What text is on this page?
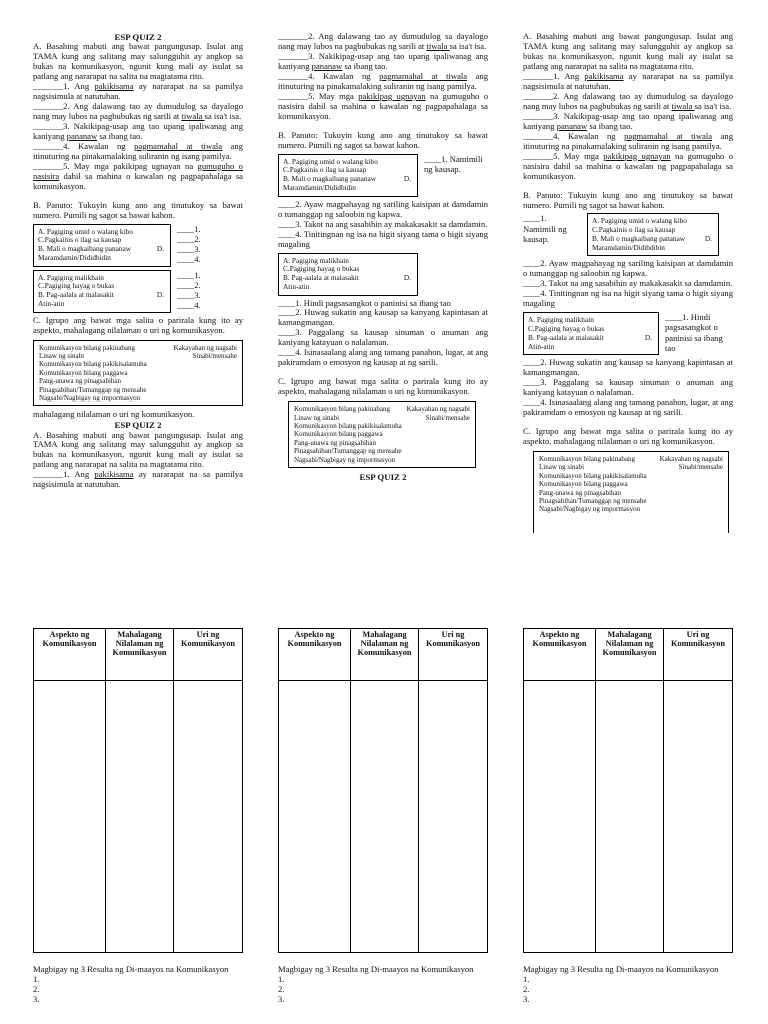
ESP QUIZ 2

A. Basahing mabuti ang bawat pangungusap. Isulat ang TAMA kung ang salitang may salungguhit ay angkop sa bukas na komunikasyon, ngunit kung mali ay isulat sa patlang ang nararapat na salita na magtatama rito.

_______1. Ang pakikisama ay nararapat na sa pamilya nagsisimula at natutuhan.

_______2. Ang dalawang tao ay dumudulog sa dayalogo nang may lubos na pagbubukas ng sarili at tiwala sa isa't isa.

_______3. Nakikipag-usap ang tao upang ipaliwanag ang kaniyang pananaw sa ibang tao.

_______4. Kawalan ng pagmamahal at tiwala ang itinuturing na pinakamalaking suliranin ng isang pamilya.

_______5. May mga pakikipag ugnayan na gumuguho o nasisira dahil sa mahina o kawalan ng pagpapahalaga sa komunikasyon.

B. Panuto: Tukuyin kung ano ang tinutukoy sa bawat numero. Pumili ng sagot sa bawat kahon.

A. Pagiging umid o walang kibo
C.Pagkainis o ilag sa kausap
B. Mali o magkaibang pananaw	D.
Maramdamin/Dididbidin
____1.
____2.
____3.
____4.
A. Pagiging malikhain
C.Pagiging hayag o bukas
B. Pag-aalala at malasakit	D.
Atin-atin
____1.
____2.
____3.
____4.

C. Igrupo ang bawat mga salita o parirala kung ito ay aspekto, mahalagang nilalaman o uri ng komunikasyon.

Komunikasyon bilang pakinabang	Kakayahan ng nagsabi
Linaw ng sinabi	Sinabi/mensahe
Komunikasyon bilang pakikisalamuha
Komunikasyon bilang paggawa
Pang-unawa ng pinagsabihan
Pinagsabihan/Tumanggap ng mensahe
Nagsabi/Nagbigay ng impormasyon

mahalagang nilalaman o uri ng komunikasyon.

ESP QUIZ 2

A. Basahing mabuti ang bawat pangungusap. Isulat ang TAMA kung ang salitang may salungguhit ay angkop sa bukas na komunikasyon, ngunit kung mali ay isulat sa patlang ang nararapat na salita na magtatama rito.

_______1. Ang pakikisama ay nararapat na sa pamilya nagsisimula at natutuhan.

_______2. Ang dalawang tao ay dumudulog sa dayalogo nang may lubos na pagbubukas ng sarili at tiwala sa isa't isa.

_______3. Nakikipag-usap ang tao upang ipaliwanag ang kaniyang pananaw sa ibang tao.

_______4. Kawalan ng pagmamahal at tiwala ang itinuturing na pinakamalaking suliranin ng isang pamilya.

_______5. May mga pakikipag ugnayan na gumuguho o nasisira dahil sa mahina o kawalan ng pagpapahalaga sa komunikasyon.

B. Panuto: Tukuyin kung ano ang tinutukoy sa bawat numero. Pumili ng sagot sa bawat kahon.

A. Pagiging umid o walang kibo
C.Pagkainis o ilag sa kausap
B. Mali o magkaibang pananaw	D.
Maramdamin/Dididbidin
____1. Namimili ng kausap.

____2. Ayaw magpahayag ng sariling kaisipan at damdamin o tumanggap ng saloobin ng kapwa.

____3. Takot na ang sasabihin ay makakasakit sa damdamin.

____4. Tinitingnan ng isa na higit siyang tama o higit siyang magaling

A. Pagiging malikhain
C.Pagiging hayag o bukas
B. Pag-aalala at malasakit	D.
Atin-atin

____1. Hindi pagsasangkot o paninisi sa ibang tao

____2. Huwag sukatin ang kausap sa kanyang kapintasan at kamangmangan.

____3. Paggalang sa kausap sinuman o anuman ang kaniyang katayuan o nalalaman.

____4. Isinasaalang alang ang tamang panahon, lugar, at ang pakiramdam o emosyon ng kausap at ng sarili.

C. Igrupo ang bawat mga salita o parirala kung ito ay aspekto, mahalagang nilalaman o uri ng komunikasyon.

Komunikasyon bilang pakinabang Kakayahan ng nagsabi
Linaw ng sinabi	Sinabi/mensahe
Komunikasyon bilang pakikisalamuha
Komunikasyon bilang paggawa
Pang-unawa ng pinagsabihan
Pinagsabihan/Tumanggap ng mensahe
Nagsabi/Nagbigay ng impormasyon
ESP QUIZ 2

A. Basahing mabuti ang bawat pangungusap. Isulat ang TAMA kung ang salitang may salungguhit ay angkop sa bukas na komunikasyon, ngunit kung mali ay isulat sa patlang ang nararapat na salita na magtatama rito.

_______1. Ang pakikisama ay nararapat na sa pamilya nagsisimula at natutuhan.

_______2. Ang dalawang tao ay dumudulog sa dayalogo nang may lubos na pagbubukas ng sarili at tiwala sa isa't isa.

_______3. Nakikipag-usap ang tao upang ipaliwanag ang kaniyang pananaw sa ibang tao.

_______4. Kawalan ng pagmamahal at tiwala ang itinuturing na pinakamalaking suliranin ng isang pamilya.

_______5. May mga pakikipag ugnayan na gumuguho o nasisira dahil sa mahina o kawalan ng pagpapahalaga sa komunikasyon.

B. Panuto: Tukuyin kung ano ang tinutukoy sa bawat numero. Pumili ng sagot sa bawat kahon.

____1. Namimili ng kausap.
A. Pagiging umid o walang kibo
C.Pagkainis o ilag sa kausap
B. Mali o magkaibang pananaw	D.
Maramdamin/Didibdibin

____2. Ayaw magpahayag ng sariling kaisipan at damdamin o tumanggap ng saloobin ng kapwa.

____3. Takot na ang sasabihin ay makakasakit sa damdamin.

____4. Tinitingnan ng isa na higit siyang tama o higit siyang magaling

A. Pagiging malikhain
C.Pagiging hayag o bukas
B. Pag-aalala at malasakit	D.
Atin-atin
____1. Hindi pagsasangkot o paninisi sa ibang tao

____2. Huwag sukatin ang kausap sa kanyang kapintasan at kamangmangan.

____3. Paggalang sa kausap sinuman o anuman ang kaniyang katayuan o nalalaman.

____4. Isinasaalang alang ang tamang panahon, lugar, at ang pakiramdam o emosyon ng kausap at ng sarili.

C. Igrupo ang bawat mga salita o parirala kung ito ay aspekto, mahalagang nilalaman o uri ng komunikasyon.

Komunikasyon bilang pakinabang	Kakayahan ng nagsabi
Linaw ng sinabi	Sinabi/mensahe
Komunikasyon bilang pakikisalamuha
Komunikasyon bilang paggawa
Pang-unawa ng pinagsabihan
Pinagsabihan/Tumanggap ng mensahe
Nagsabi/Nagbigay ng impormasyon
Aspekto ng Komunikasyon	Mahalagang Nilalaman ng Komunikasyon	Uri ng Komunikasyon

Aspekto ng Komunikasyon	Mahalagang Nilalaman ng Komunikasyon	Uri ng Komunikasyon

Aspekto ng Komunikasyon	Mahalagang Nilalaman ng Komunikasyon	Uri ng Komunikasyon

Magbigay ng 3 Resulta ng Di-maayos na Komunikasyon
1.
2.
3.
Magbigay ng 3 Resulta ng Di-maayos na Komunikasyon
1.
2.
3.
Magbigay ng 3 Resulta ng Di-maayos na Komunikasyon
1.
2.
3.
